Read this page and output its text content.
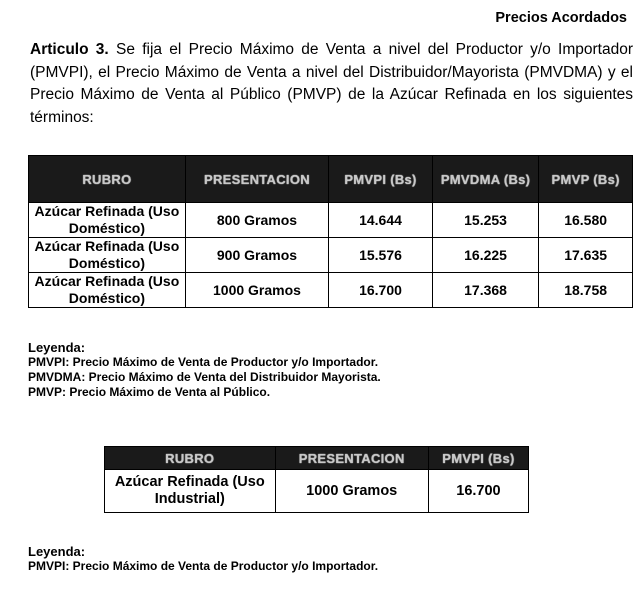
Precios Acordados
Articulo 3. Se fija el Precio Máximo de Venta a nivel del Productor y/o Importador (PMVPI), el Precio Máximo de Venta a nivel del Distribuidor/Mayorista (PMVDMA) y el Precio Máximo de Venta al Público (PMVP) de la Azúcar Refinada en los siguientes términos:
RUBRO	PRESENTACION	PMVPI (Bs)	PMVDMA (Bs)	PMVP (Bs)
Azúcar Refinada (Uso Doméstico)	800 Gramos	14.644	15.253	16.580
Azúcar Refinada (Uso Doméstico)	900 Gramos	15.576	16.225	17.635
Azúcar Refinada (Uso Doméstico)	1000 Gramos	16.700	17.368	18.758
Leyenda:
PMVPI: Precio Máximo de Venta de Productor y/o Importador.
PMVDMA: Precio Máximo de Venta del Distribuidor Mayorista.
PMVP: Precio Máximo de Venta al Público.
RUBRO	PRESENTACION	PMVPI (Bs)
Azúcar Refinada (Uso Industrial)	1000 Gramos	16.700
Leyenda:
PMVPI: Precio Máximo de Venta de Productor y/o Importador.
